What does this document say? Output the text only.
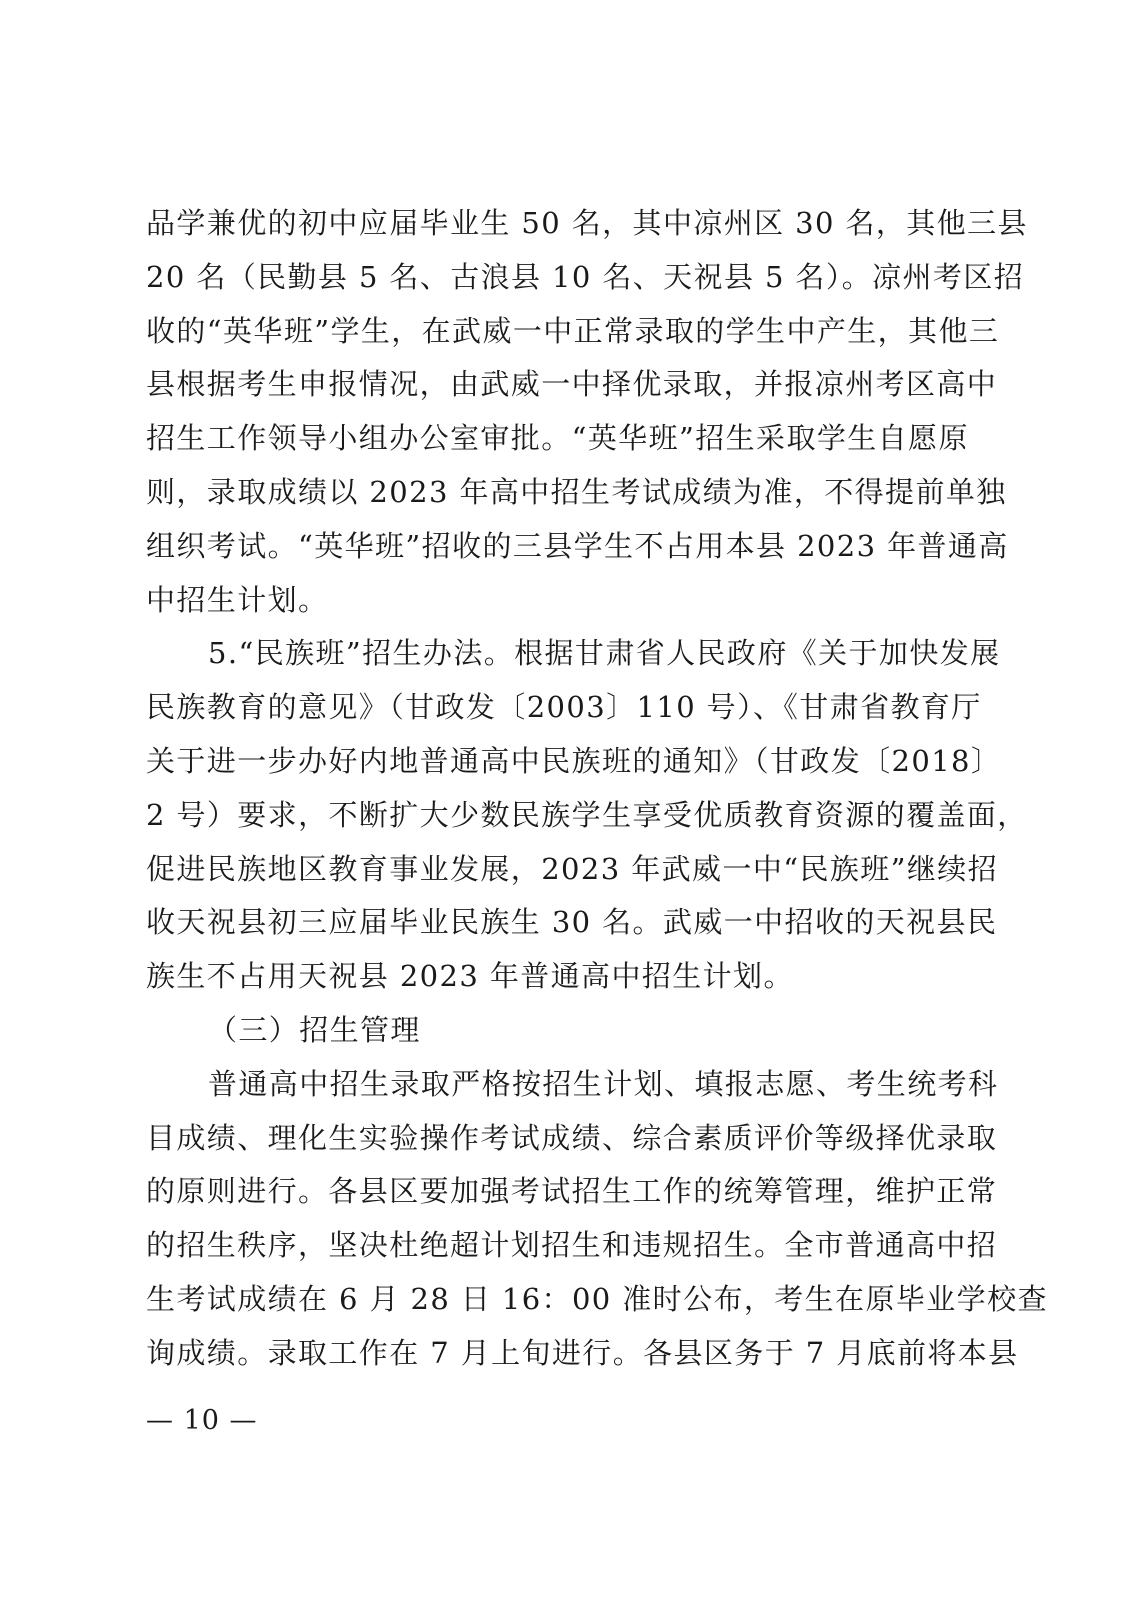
品学兼优的初中应届毕业生 50 名，其中凉州区 30 名，其他三县
20 名（民勤县 5 名、古浪县 10 名、天祝县 5 名）。凉州考区招
收的“英华班”学生，在武威一中正常录取的学生中产生，其他三
县根据考生申报情况，由武威一中择优录取，并报凉州考区高中
招生工作领导小组办公室审批。“英华班”招生采取学生自愿原
则，录取成绩以 2023 年高中招生考试成绩为准，不得提前单独
组织考试。“英华班”招收的三县学生不占用本县 2023 年普通高
中招生计划。
5.“民族班”招生办法。根据甘肃省人民政府《关于加快发展
民族教育的意见》（甘政发〔2003〕110 号）、《甘肃省教育厅
关于进一步办好内地普通高中民族班的通知》（甘政发〔2018〕
2 号）要求，不断扩大少数民族学生享受优质教育资源的覆盖面，
促进民族地区教育事业发展，2023 年武威一中“民族班”继续招
收天祝县初三应届毕业民族生 30 名。武威一中招收的天祝县民
族生不占用天祝县 2023 年普通高中招生计划。
（三）招生管理
普通高中招生录取严格按招生计划、填报志愿、考生统考科
目成绩、理化生实验操作考试成绩、综合素质评价等级择优录取
的原则进行。各县区要加强考试招生工作的统筹管理，维护正常
的招生秩序，坚决杜绝超计划招生和违规招生。全市普通高中招
生考试成绩在 6 月 28 日 16：00 准时公布，考生在原毕业学校查
询成绩。录取工作在 7 月上旬进行。各县区务于 7 月底前将本县
— 10 —
